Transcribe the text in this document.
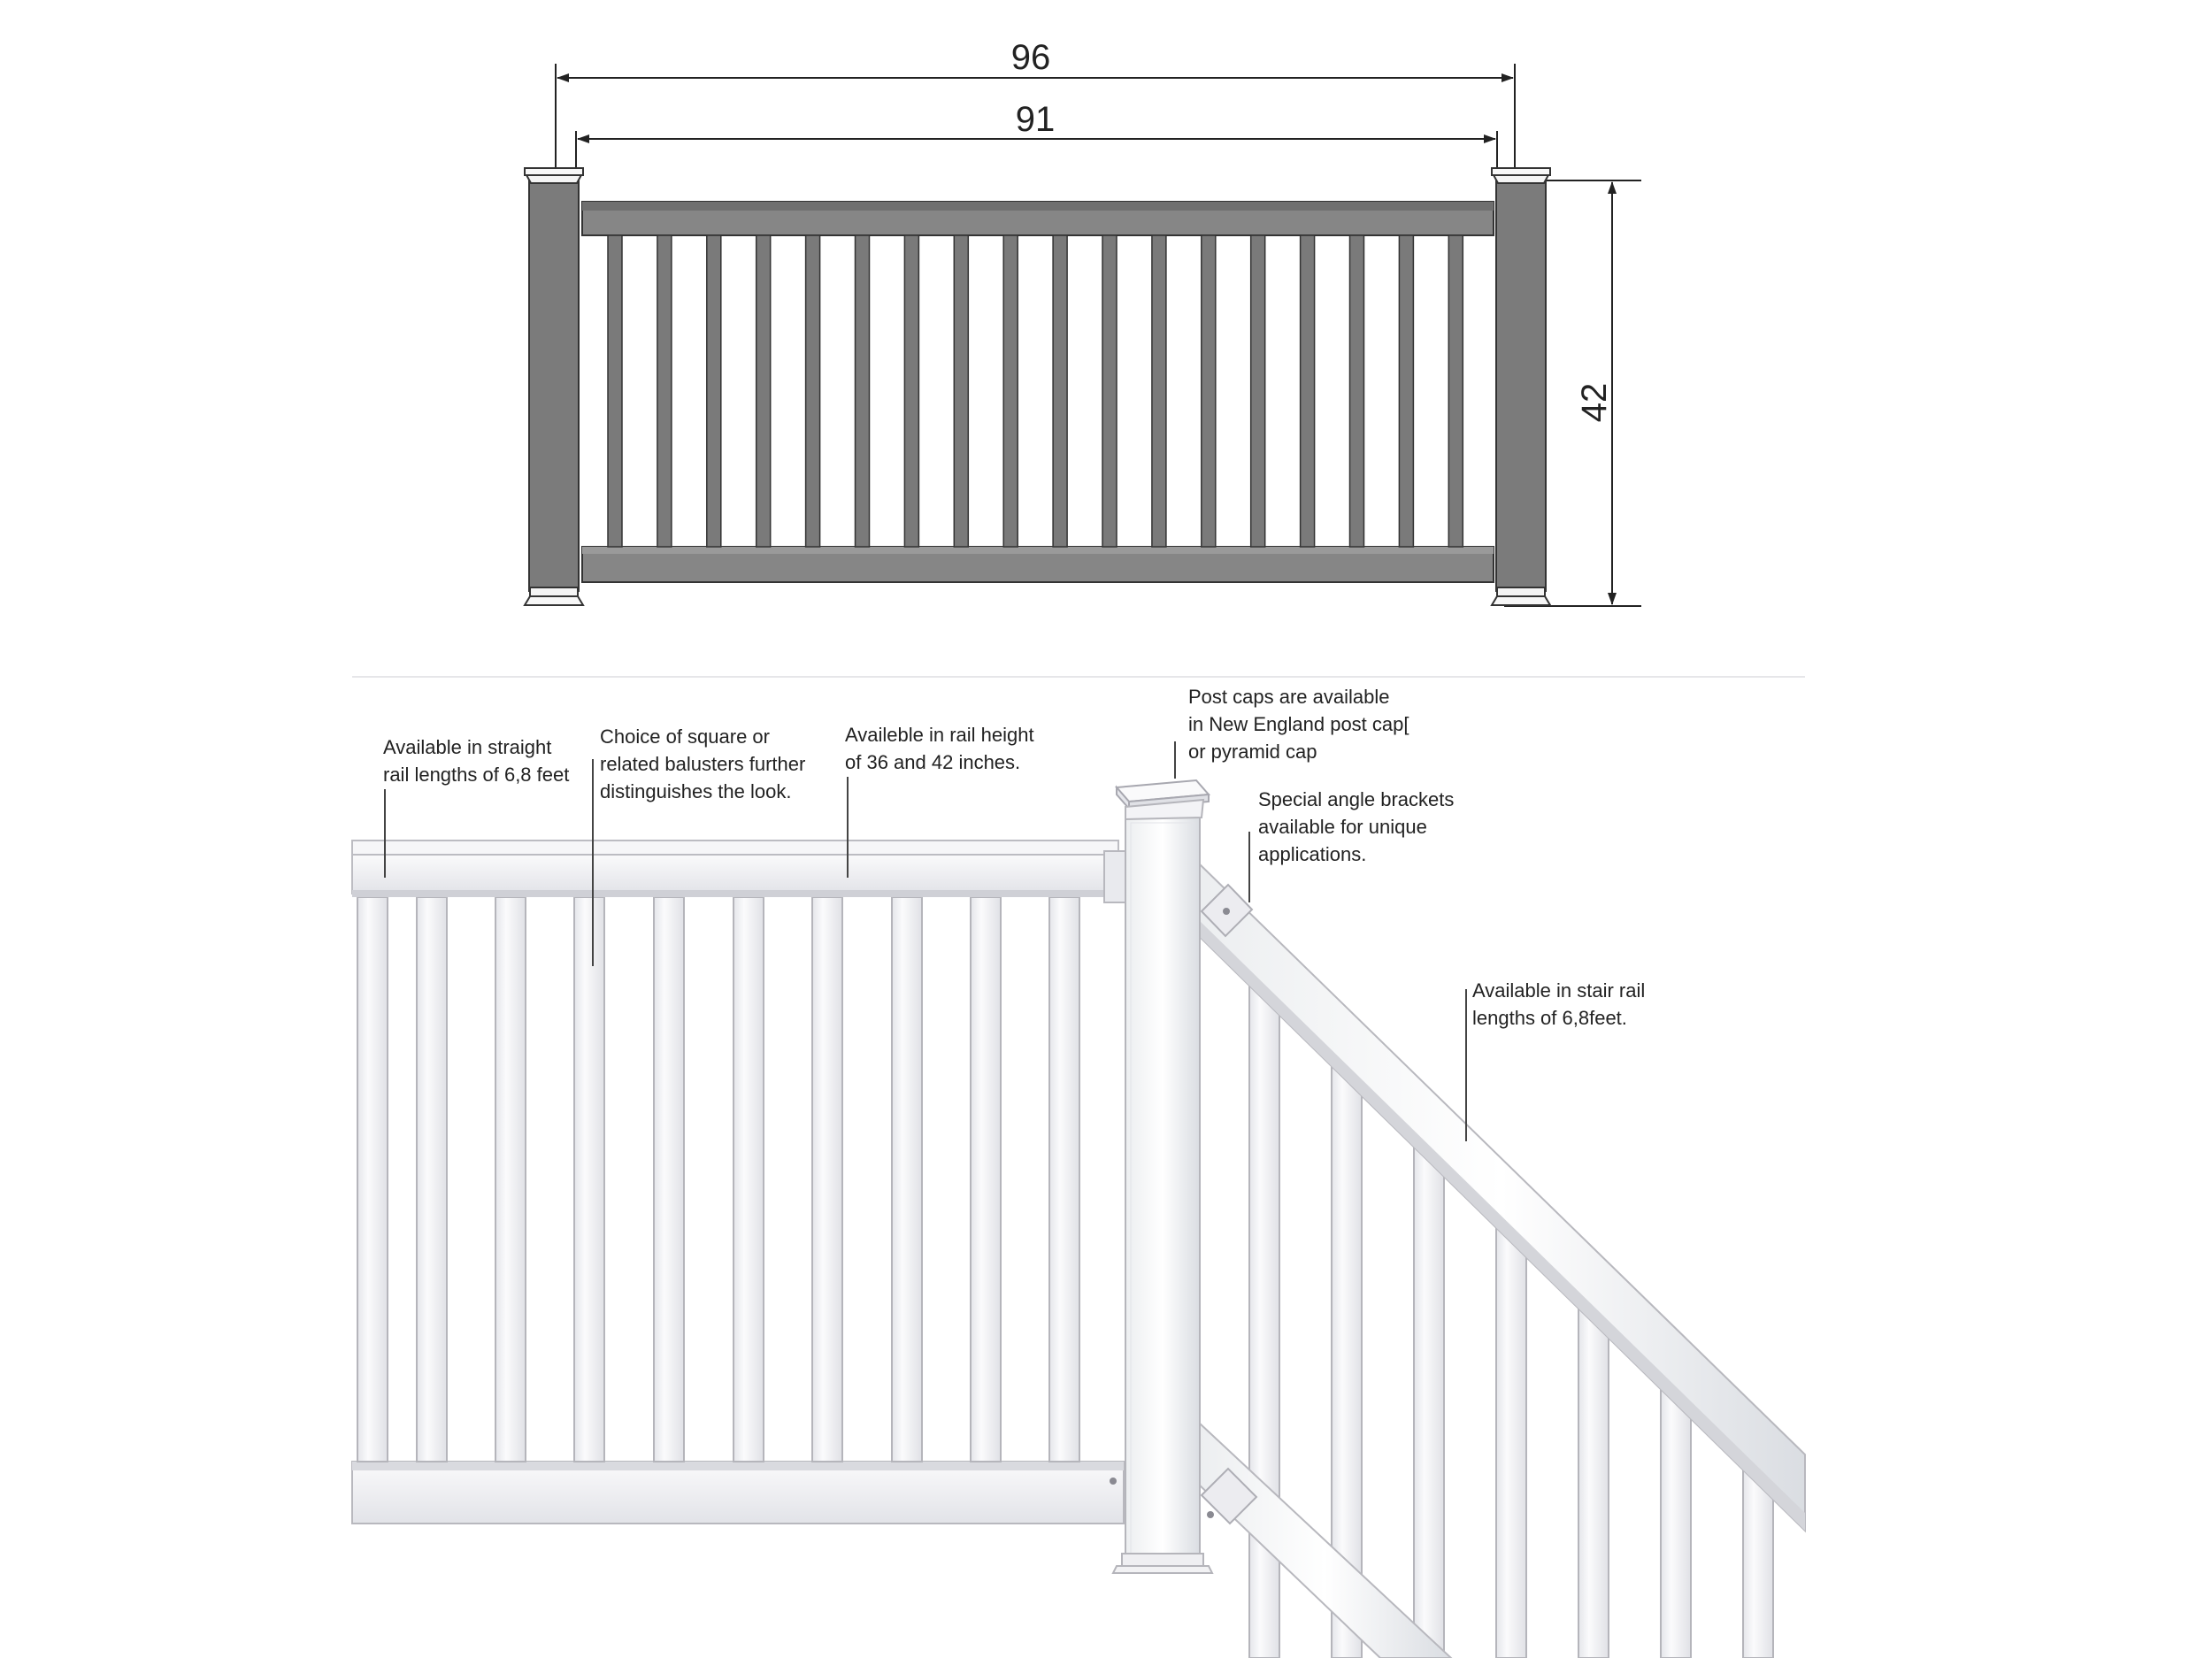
96
91
42
Available in straight rail lengths of 6,8 feet
Choice of square or related balusters further distinguishes the look.
Availeble in rail height of 36 and 42 inches.
Post caps are available in New England post cap[ or pyramid cap
Special angle brackets available for unique applications.
Available in stair rail lengths of 6,8feet.
